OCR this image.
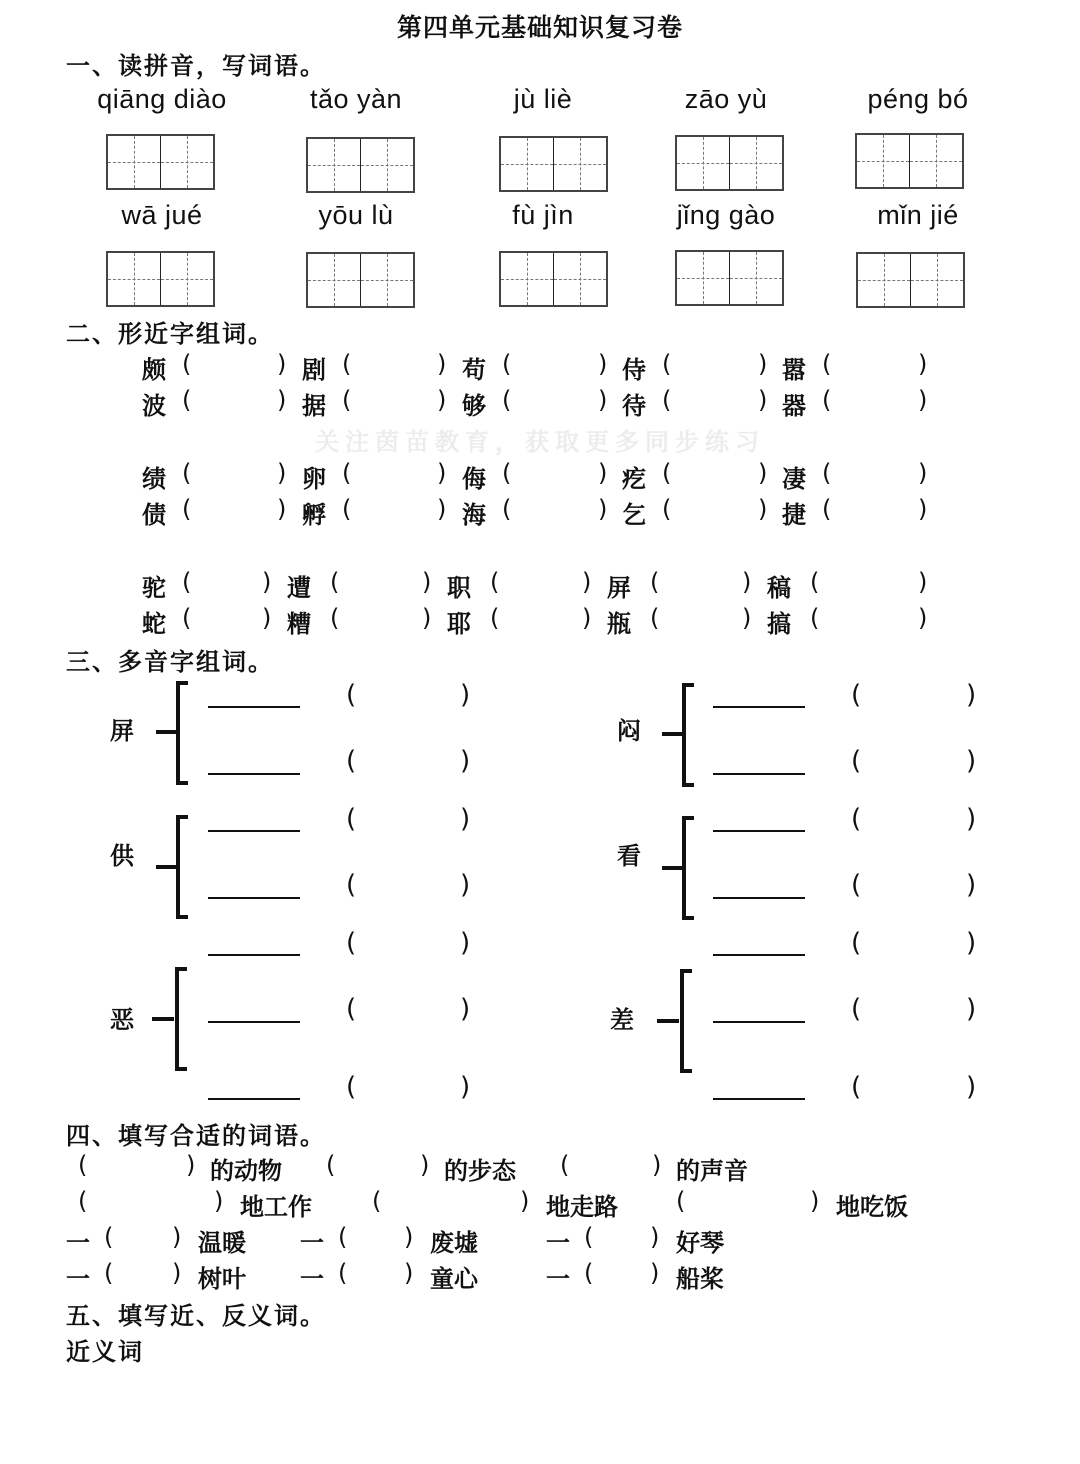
第四单元基础知识复习卷
一、读拼音，写词语。
qiāng diào	tǎo yàn	jù liè	zāo yù	péng bó
wā jué	yōu lù	fù jìn	jǐng gào	mǐn jié
二、形近字组词。
颇 (	) 剧 (	) 苟 (	) 侍 (	) 嚣 (	)
波 (	) 据 (	) 够 (	) 待 (	) 器 (	)
关注茵苗教育，获取更多同步练习
绩 (	) 卵 (	) 侮 (	) 疙 (	) 凄 (	)
债 (	) 孵 (	) 海 (	) 乞 (	) 捷 (	)
驼 (	) 遭 (	) 职 (	) 屏 (	) 稿 (	)
蛇 (	) 糟 (	) 耶 (	) 瓶 (	) 搞 (	)
三、多音字组词。
屏
(	)
(	)
闷
(	)
(	)
供
(	)
(	)
看
(	)
(	)
恶
(	)
(	)
(	)
差
(	)
(	)
(	)
四、填写合适的词语。
(	) 的动物 (	) 的步态 (	) 的声音
(	) 地工作	(	) 地走路 (	) 地吃饭
一 ( ) 温暖 一 ( ) 废墟	一 ( ) 好琴
一 ( ) 树叶 一 ( ) 童心	一 ( ) 船桨
五、填写近、反义词。
近义词
